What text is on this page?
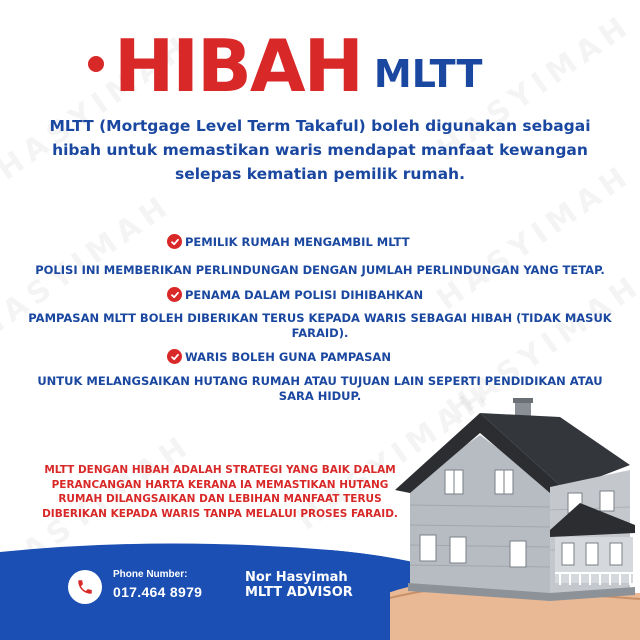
HIBAH MLTT
MLTT (Mortgage Level Term Takaful) boleh digunakan sebagai hibah untuk memastikan waris mendapat manfaat kewangan selepas kematian pemilik rumah.
PEMILIK RUMAH MENGAMBIL MLTT
POLISI INI MEMBERIKAN PERLINDUNGAN DENGAN JUMLAH PERLINDUNGAN YANG TETAP.
PENAMA DALAM POLISI DIHIBAHKAN
PAMPASAN MLTT BOLEH DIBERIKAN TERUS KEPADA WARIS SEBAGAI HIBAH (TIDAK MASUK
FARAID).
WARIS BOLEH GUNA PAMPASAN
UNTUK MELANGSAIKAN HUTANG RUMAH ATAU TUJUAN LAIN SEPERTI PENDIDIKAN ATAU
SARA HIDUP.
MLTT DENGAN HIBAH ADALAH STRATEGI YANG BAIK DALAM
PERANCANGAN HARTA KERANA IA MEMASTIKAN HUTANG
RUMAH DILANGSAIKAN DAN LEBIHAN MANFAAT TERUS
DIBERIKAN KEPADA WARIS TANPA MELALUI PROSES FARAID.
Phone Number:
017.464 8979
Nor Hasyimah
MLTT ADVISOR
